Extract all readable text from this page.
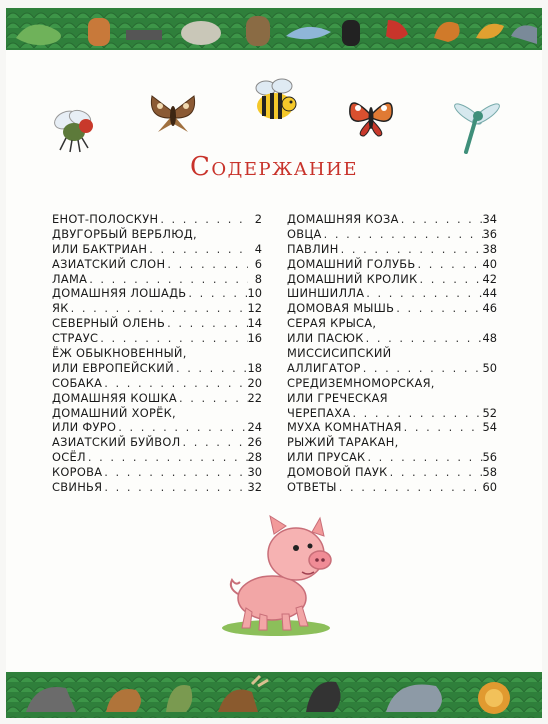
Содержание
ЕНОТ-ПОЛОСКУН . . .	2
ДВУГОРБЫЙ ВЕРБЛЮД,
ИЛИ БАКТРИАН . . .	4
АЗИАТСКИЙ СЛОН . . .	6
ЛАМА . . .	8
ДОМАШНЯЯ ЛОШАДЬ . . .	10
ЯК . . .	12
СЕВЕРНЫЙ ОЛЕНЬ . . .	14
СТРАУС . . .	16
ЁЖ ОБЫКНОВЕННЫЙ,
ИЛИ ЕВРОПЕЙСКИЙ . . .	18
СОБАКА . . .	20
ДОМАШНЯЯ КОШКА . . .	22
ДОМАШНИЙ ХОРЁК,
ИЛИ ФУРО . . .	24
АЗИАТСКИЙ БУЙВОЛ . . .	26
ОСЁЛ . . .	28
КОРОВА . . .	30
СВИНЬЯ . . .	32
ДОМАШНЯЯ КОЗА . . .	34
ОВЦА . . .	36
ПАВЛИН . . .	38
ДОМАШНИЙ ГОЛУБЬ . . .	40
ДОМАШНИЙ КРОЛИК . . .	42
ШИНШИЛЛА . . .	44
ДОМОВАЯ МЫШЬ . . .	46
СЕРАЯ КРЫСА,
ИЛИ ПАСЮК . . .	48
МИССИСИПСКИЙ
АЛЛИГАТОР . . .	50
СРЕДИЗЕМНОМОРСКАЯ,
ИЛИ ГРЕЧЕСКАЯ
ЧЕРЕПАХА . . .	52
МУХА КОМНАТНАЯ . . .	54
РЫЖИЙ ТАРАКАН,
ИЛИ ПРУСАК . . .	56
ДОМОВОЙ ПАУК . . .	58
ОТВЕТЫ . . .	60
